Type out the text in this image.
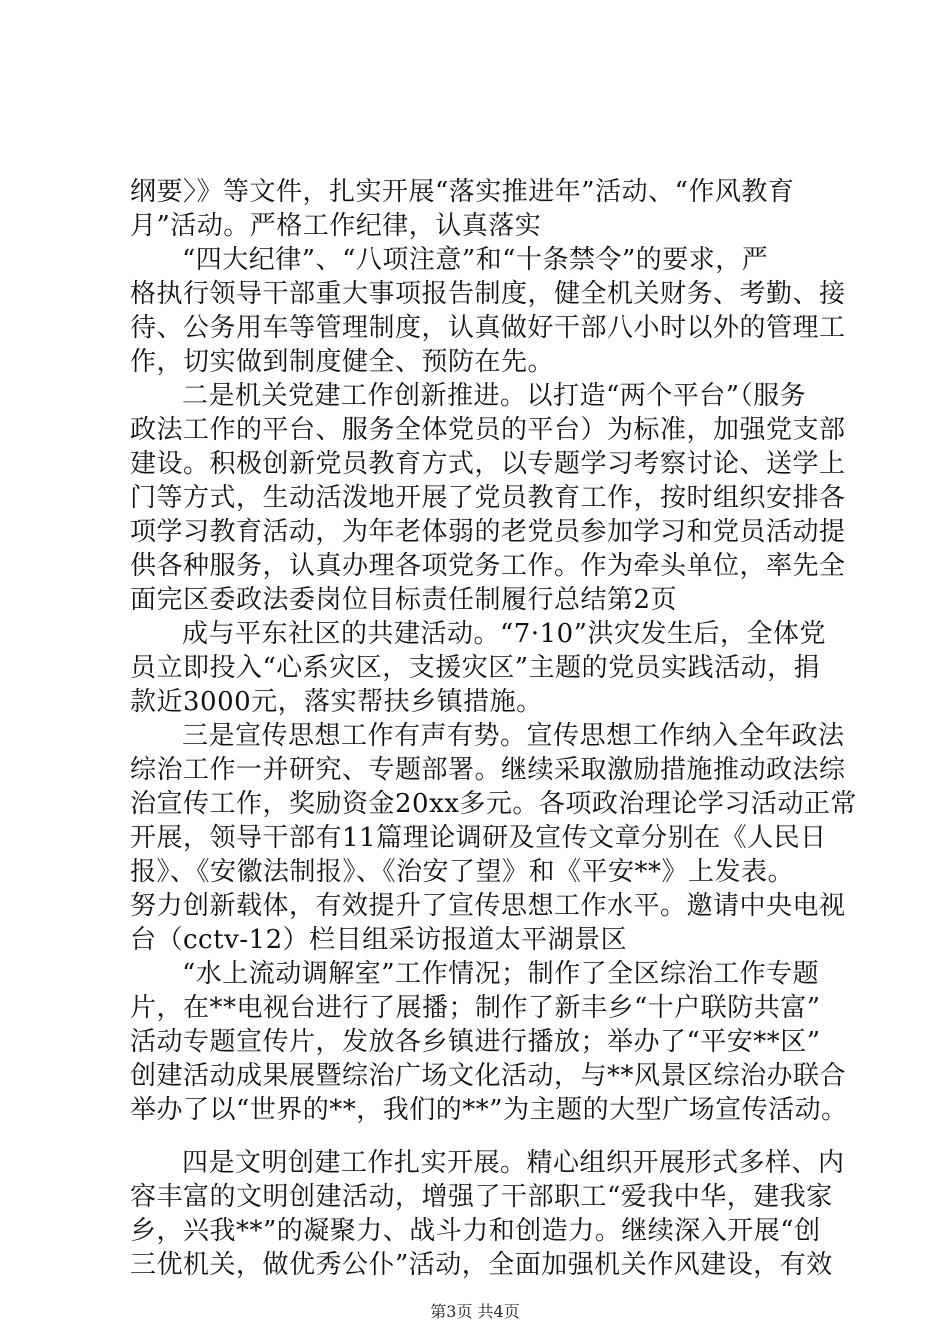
纲要〉》等文件，扎实开展“落实推进年”活动、“作风教育
月”活动。严格工作纪律，认真落实
“四大纪律”、“八项注意”和“十条禁令”的要求，严
格执行领导干部重大事项报告制度，健全机关财务、考勤、接
待、公务用车等管理制度，认真做好干部八小时以外的管理工
作，切实做到制度健全、预防在先。
二是机关党建工作创新推进。以打造“两个平台”（服务
政法工作的平台、服务全体党员的平台）为标准，加强党支部
建设。积极创新党员教育方式，以专题学习考察讨论、送学上
门等方式，生动活泼地开展了党员教育工作，按时组织安排各
项学习教育活动，为年老体弱的老党员参加学习和党员活动提
供各种服务，认真办理各项党务工作。作为牵头单位，率先全
面完区委政法委岗位目标责任制履行总结第2页
成与平东社区的共建活动。“7·10”洪灾发生后，全体党
员立即投入“心系灾区，支援灾区”主题的党员实践活动，捐
款近3000元，落实帮扶乡镇措施。
三是宣传思想工作有声有势。宣传思想工作纳入全年政法
综治工作一并研究、专题部署。继续采取激励措施推动政法综
治宣传工作，奖励资金20xx多元。各项政治理论学习活动正常
开展，领导干部有11篇理论调研及宣传文章分别在《人民日
报》、《安徽法制报》、《治安了望》和《平安**》上发表。
努力创新载体，有效提升了宣传思想工作水平。邀请中央电视
台（cctv-12）栏目组采访报道太平湖景区
“水上流动调解室”工作情况；制作了全区综治工作专题
片，在**电视台进行了展播；制作了新丰乡“十户联防共富”
活动专题宣传片，发放各乡镇进行播放；举办了“平安**区”
创建活动成果展暨综治广场文化活动，与**风景区综治办联合
举办了以“世界的**，我们的**”为主题的大型广场宣传活动。
四是文明创建工作扎实开展。精心组织开展形式多样、内
容丰富的文明创建活动，增强了干部职工“爱我中华，建我家
乡，兴我**”的凝聚力、战斗力和创造力。继续深入开展“创
三优机关，做优秀公仆”活动，全面加强机关作风建设，有效
第3页 共4页
